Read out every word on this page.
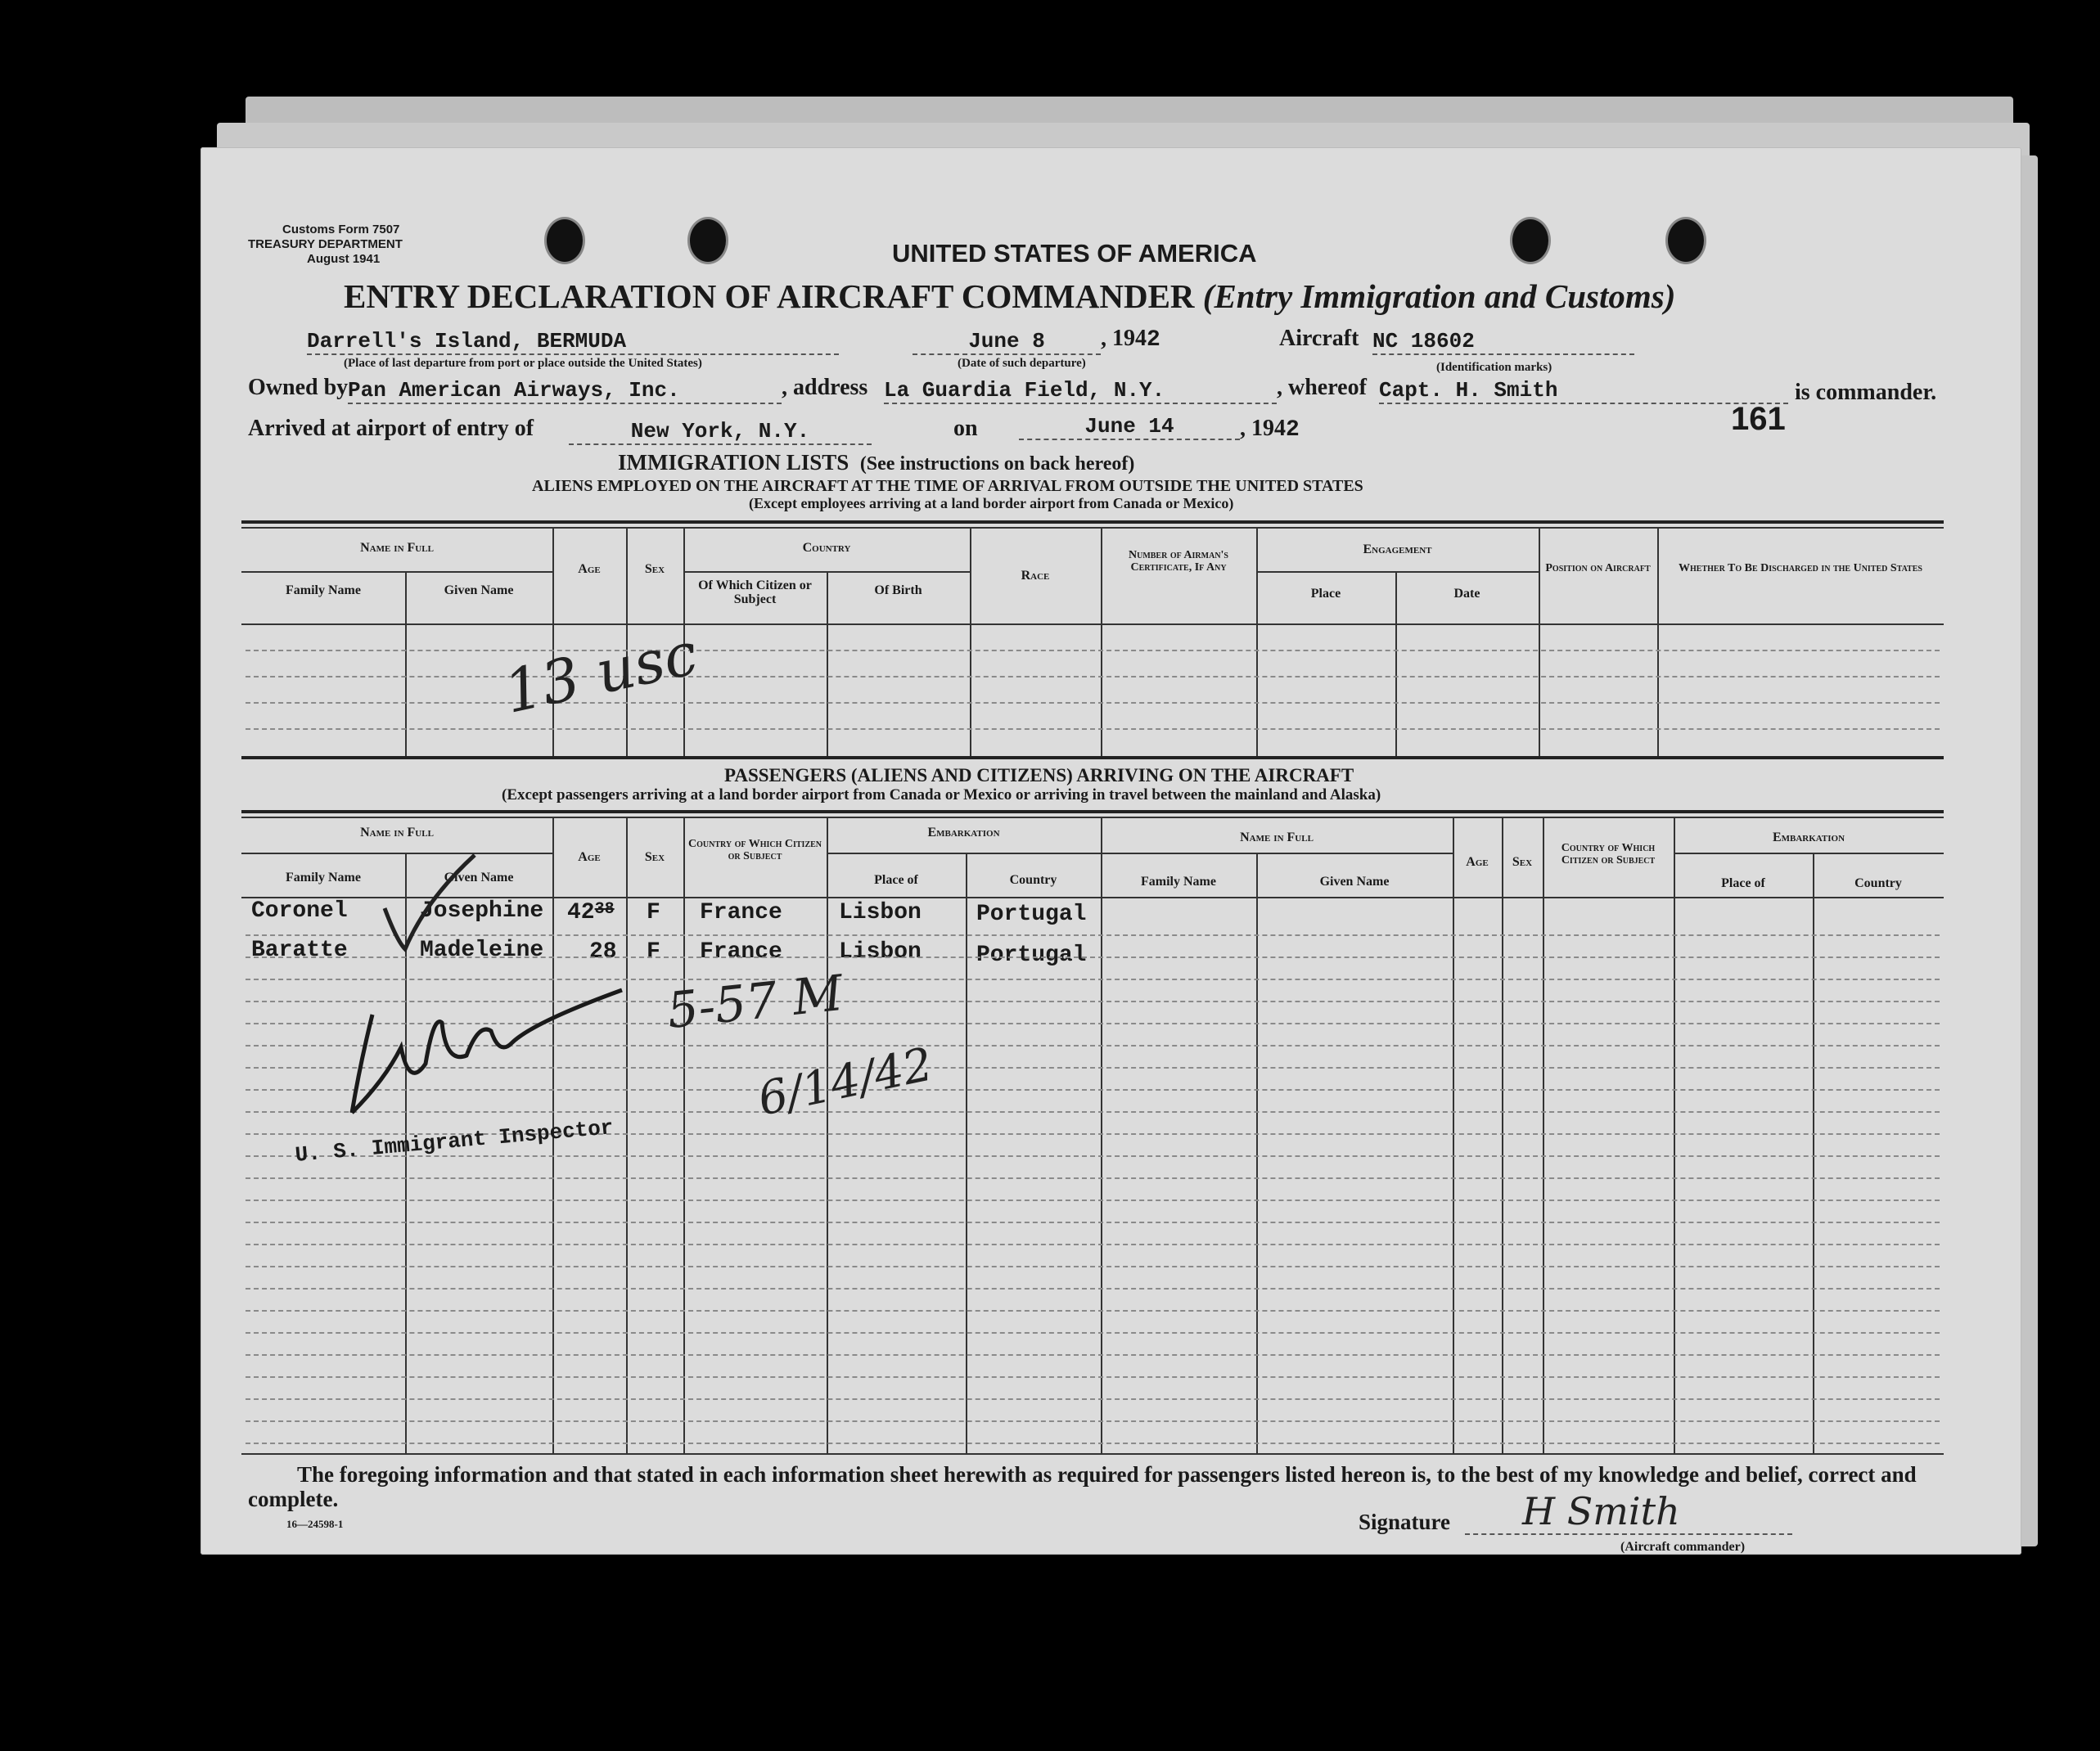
Customs Form 7507
TREASURY DEPARTMENT
August 1941	UNITED STATES OF AMERICA
ENTRY DECLARATION OF AIRCRAFT COMMANDER (Entry Immigration and Customs)
Darrell's Island, BERMUDA	June 8	, 1942	Aircraft NC 18602
(Place of last departure from port or place outside the United States)	(Date of such departure)	(Identification marks)
Owned by Pan American Airways, Inc.	, address La Guardia Field, N.Y.	, whereof Capt. H. Smith	is commander.
Arrived at airport of entry of	New York, N.Y.	on	June 14	, 1942	161
IMMIGRATION LISTS (See instructions on back hereof)
ALIENS EMPLOYED ON THE AIRCRAFT AT THE TIME OF ARRIVAL FROM OUTSIDE THE UNITED STATES
(Except employees arriving at a land border airport from Canada or Mexico)
Name in Full
Family Name	Given Name
Age	Sex
Country
Of Which Citizen or Subject
Of Birth
Race
Number of Airman's Certificate, If Any
Engagement
Place	Date
Position on Aircraft	Whether To Be Discharged in the United States
13 usc
PASSENGERS (ALIENS AND CITIZENS) ARRIVING ON THE AIRCRAFT
(Except passengers arriving at a land border airport from Canada or Mexico or arriving in travel between the mainland and Alaska)
Name in Full
Family Name	Given Name
Age	Sex
Country of Which Citizen or Subject
Embarkation
Place of	Country
Name in Full
Family Name	Given Name
Age	Sex
Country of Which Citizen or Subject
Embarkation
Place of	Country
Coronel	Josephine $42^{38}$ F France Lisbon Portugal
Baratte	Madeleine 28 F France Lisbon Portugal
5-57 M
6/14/42
U. S. Immigrant Inspector
The foregoing information and that stated in each information sheet herewith as required for passengers listed hereon is, to the best of my knowledge and belief, correct and complete.
16—24598-1	Signature H Smith
(Aircraft commander)
